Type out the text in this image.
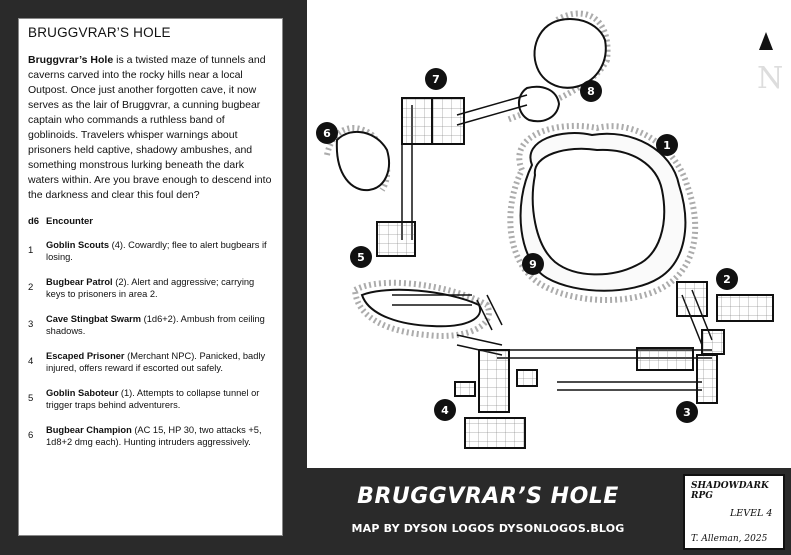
BRUGGVRAR’S HOLE

Bruggvrar’s Hole is a twisted maze of tunnels and caverns carved into the rocky hills near a local Outpost. Once just another forgotten cave, it now serves as the lair of Bruggvrar, a cunning bugbear captain who commands a ruthless band of goblinoids. Travelers whisper warnings about prisoners held captive, shadowy ambushes, and something monstrous lurking beneath the dark waters within. Are you brave enough to descend into the darkness and clear this foul den?

d6	Encounter
1	Goblin Scouts (4). Cowardly; flee to alert bugbears if losing.
2	Bugbear Patrol (2). Alert and aggressive; carrying keys to prisoners in area 2.
3	Cave Stingbat Swarm (1d6+2). Ambush from ceiling shadows.
4	Escaped Prisoner (Merchant NPC). Panicked, badly injured, offers reward if escorted out safely.
5	Goblin Saboteur (1). Attempts to collapse tunnel or trigger traps behind adventurers.
6	Bugbear Champion (AC 15, HP 30, two attacks +5, 1d8+2 dmg each). Hunting intruders aggressively.
N
1
2
3
4
5
6
7
8
9
BRUGGVRAR’S HOLE
MAP BY DYSON LOGOS DYSONLOGOS.BLOG
SHADOWDARK RPG
LEVEL 4
T. Alleman, 2025
